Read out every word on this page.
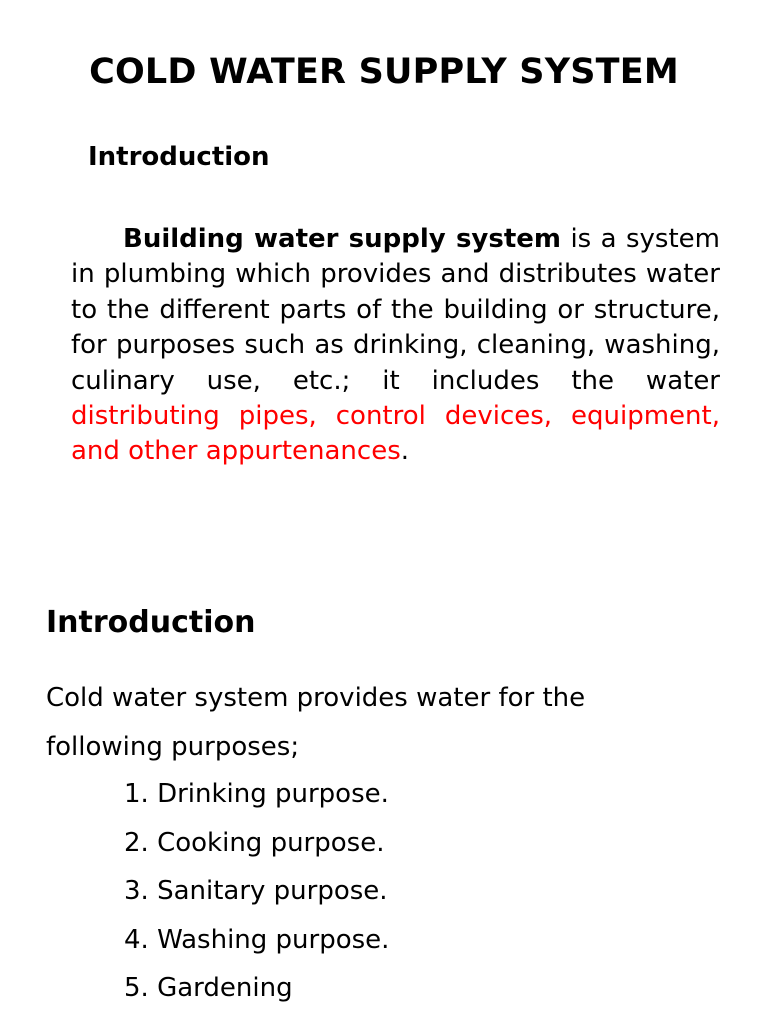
COLD WATER SUPPLY SYSTEM
Introduction

Building water supply system is a system in plumbing which provides and distributes water to the different parts of the building or structure, for purposes such as drinking, cleaning, washing, culinary use, etc.; it includes the water distributing pipes, control devices, equipment, and other appurtenances.

Introduction

Cold water system provides water for the
following purposes;

1. Drinking purpose.
2. Cooking purpose.
3. Sanitary purpose.
4. Washing purpose.
5. Gardening
